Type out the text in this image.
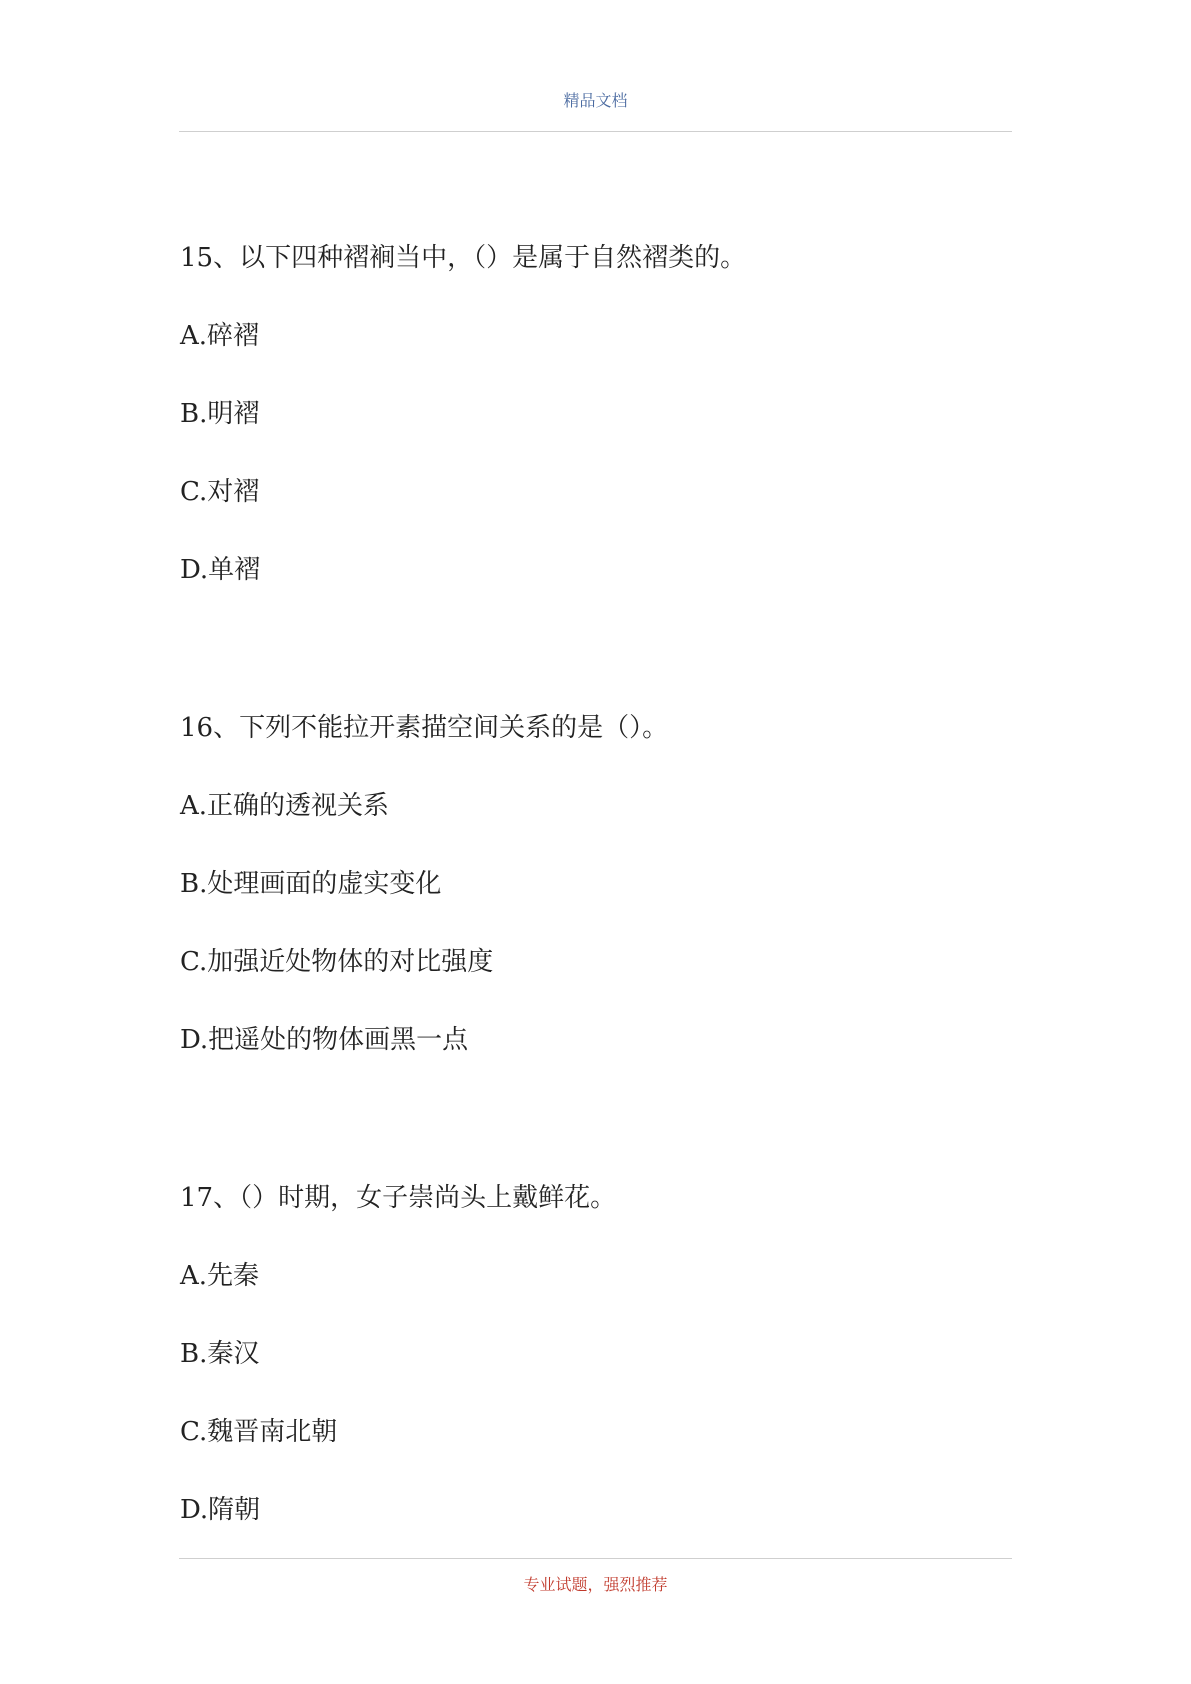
精品文档
15、以下四种褶裥当中，（）是属于自然褶类的。
A.碎褶
B.明褶
C.对褶
D.单褶
16、下列不能拉开素描空间关系的是（）。
A.正确的透视关系
B.处理画面的虚实变化
C.加强近处物体的对比强度
D.把遥处的物体画黑一点
17、（）时期，女子崇尚头上戴鲜花。
A.先秦
B.秦汉
C.魏晋南北朝
D.隋朝
专业试题，强烈推荐
